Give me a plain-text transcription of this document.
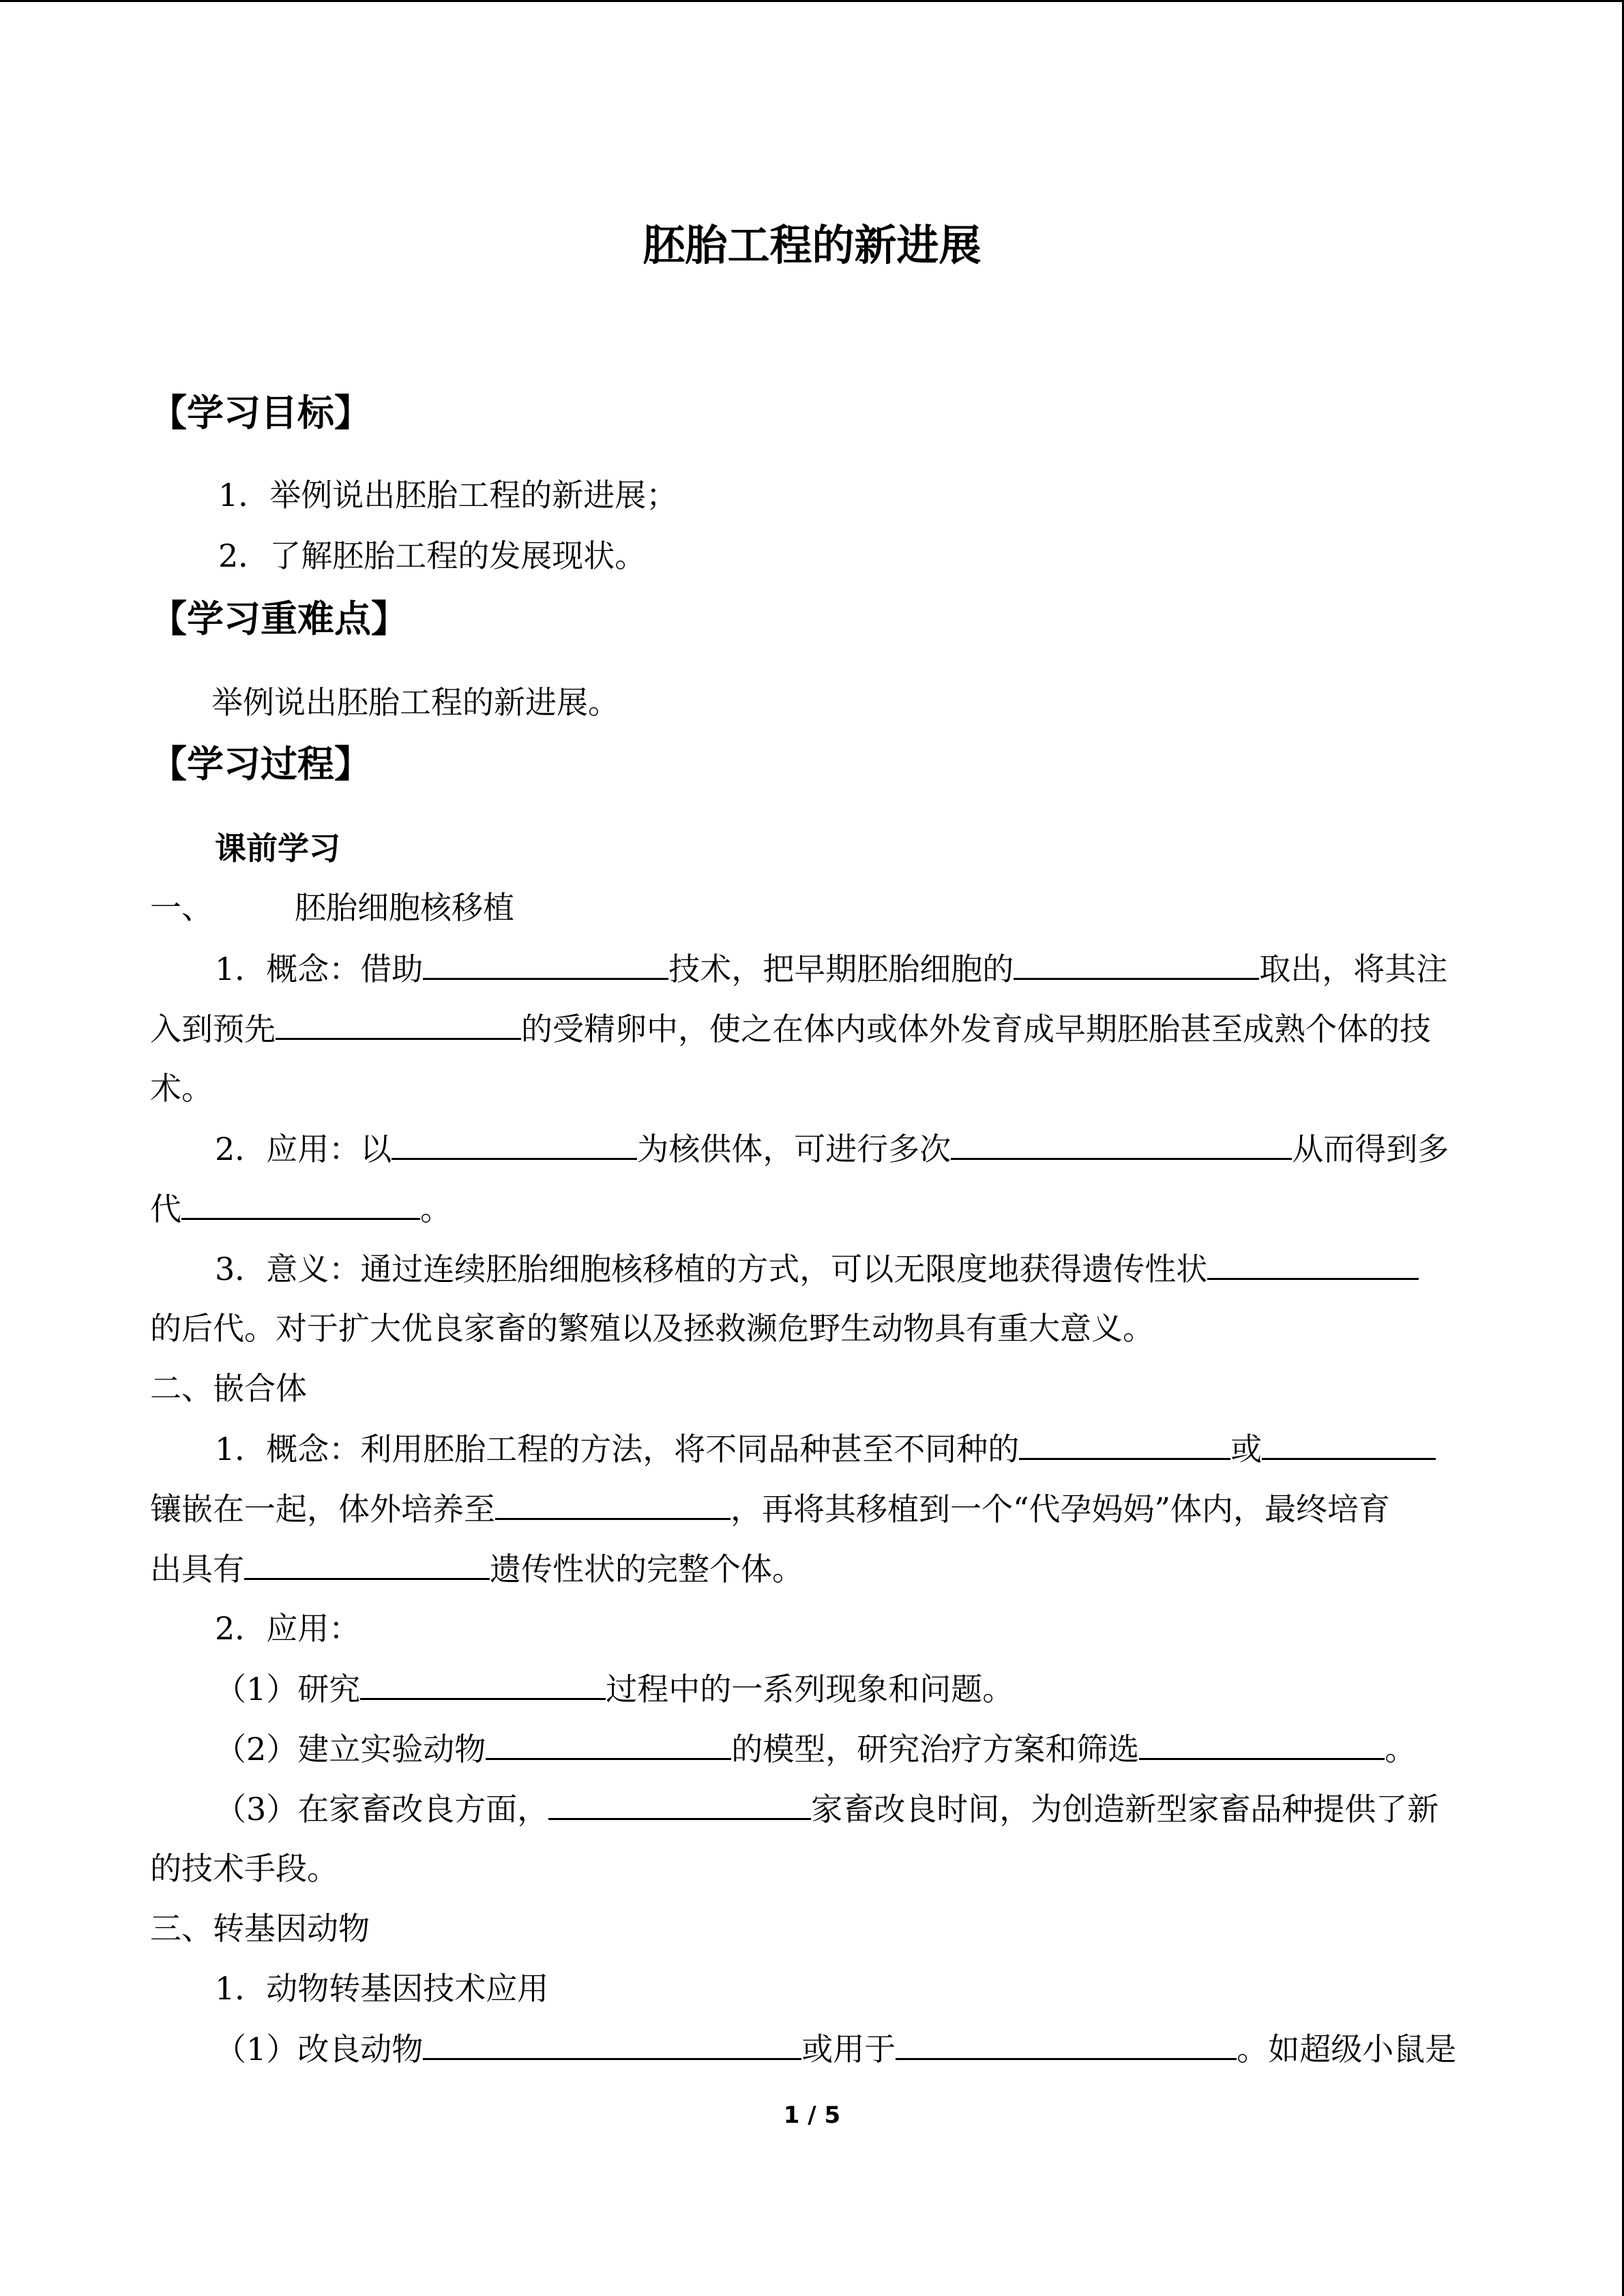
胚胎工程的新进展
【学习目标】
1．举例说出胚胎工程的新进展；
2．了解胚胎工程的发展现状。
【学习重难点】
举例说出胚胎工程的新进展。
【学习过程】
课前学习
一、	胚胎细胞核移植
1．概念：借助	技术，把早期胚胎细胞的	取出，将其注
入到预先	的受精卵中，使之在体内或体外发育成早期胚胎甚至成熟个体的技
术。
2．应用：以	为核供体，可进行多次	从而得到多
代	。
3．意义：通过连续胚胎细胞核移植的方式，可以无限度地获得遗传性状
的后代。对于扩大优良家畜的繁殖以及拯救濒危野生动物具有重大意义。
二、嵌合体
1．概念：利用胚胎工程的方法，将不同品种甚至不同种的	或
镶嵌在一起，体外培养至	，再将其移植到一个“代孕妈妈”体内，最终培育
出具有	遗传性状的完整个体。
2．应用：
（1）研究	过程中的一系列现象和问题。
（2）建立实验动物	的模型，研究治疗方案和筛选	。
（3）在家畜改良方面，	家畜改良时间，为创造新型家畜品种提供了新
的技术手段。
三、转基因动物
1．动物转基因技术应用
（1）改良动物	或用于	。如超级小鼠是
1 / 5
